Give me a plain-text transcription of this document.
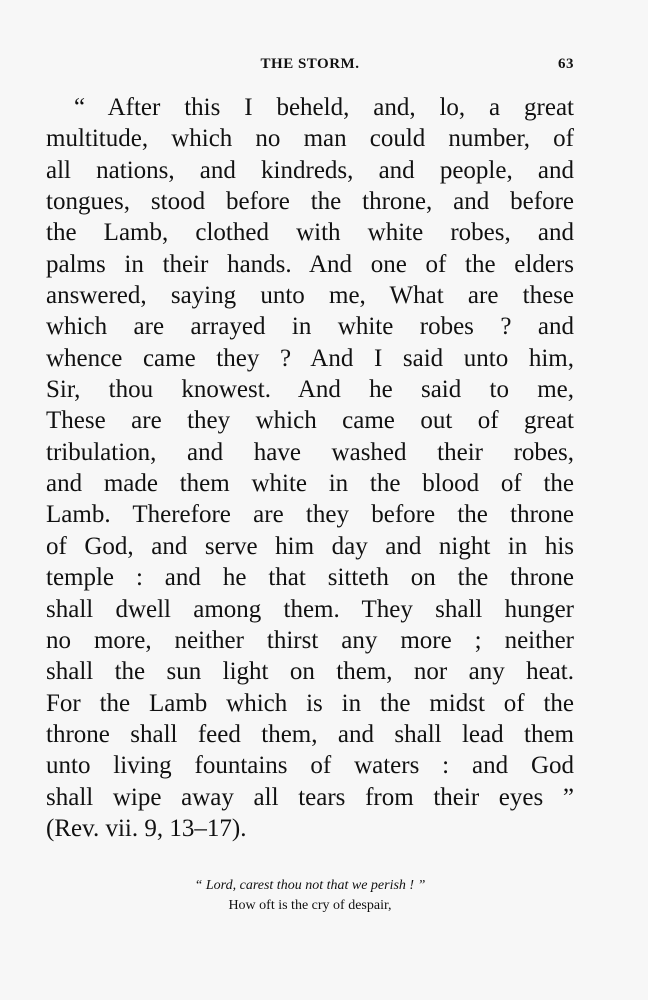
THE STORM.	63
“ After this I beheld, and, lo, a great
multitude, which no man could number, of
all nations, and kindreds, and people, and
tongues, stood before the throne, and before
the Lamb, clothed with white robes, and
palms in their hands. And one of the elders
answered, saying unto me, What are these
which are arrayed in white robes ? and
whence came they ? And I said unto him,
Sir, thou knowest. And he said to me,
These are they which came out of great
tribulation, and have washed their robes,
and made them white in the blood of the
Lamb. Therefore are they before the throne
of God, and serve him day and night in his
temple : and he that sitteth on the throne
shall dwell among them. They shall hunger
no more, neither thirst any more ; neither
shall the sun light on them, nor any heat.
For the Lamb which is in the midst of the
throne shall feed them, and shall lead them
unto living fountains of waters : and God
shall wipe away all tears from their eyes ”
(Rev. vii. 9, 13–17).
“ Lord, carest thou not that we perish ! ”
How oft is the cry of despair,
